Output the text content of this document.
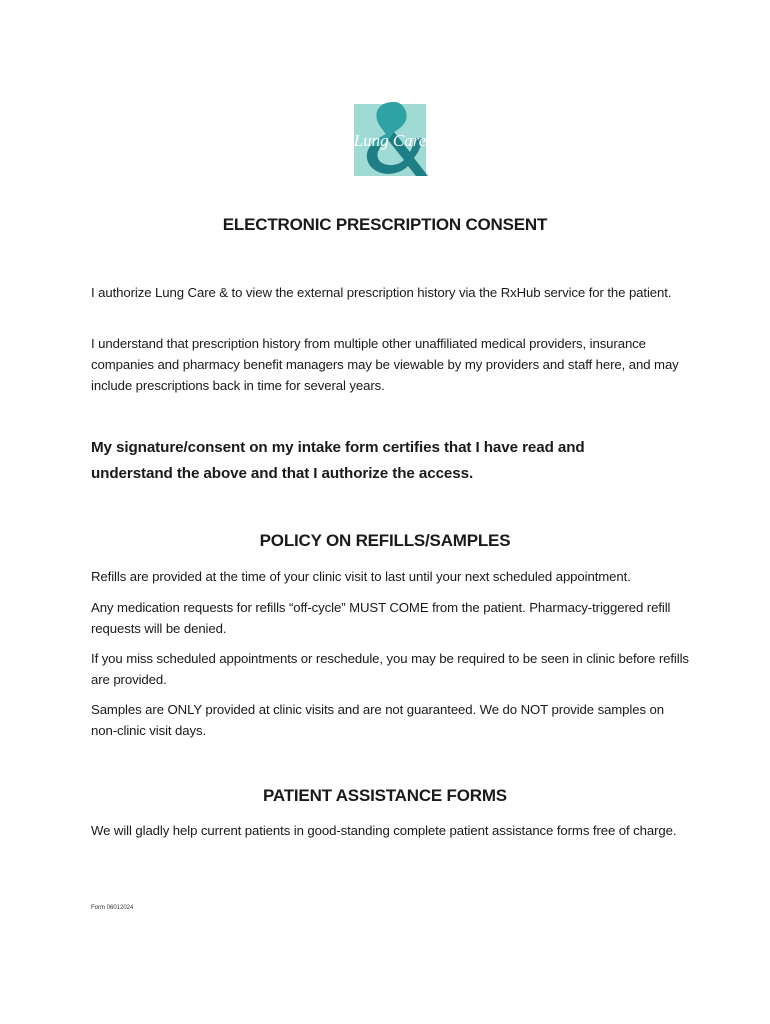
Lung Care
ELECTRONIC PRESCRIPTION CONSENT

I authorize Lung Care & to view the external prescription history via the RxHub service for the patient.

I understand that prescription history from multiple other unaffiliated medical providers, insurance companies and pharmacy benefit managers may be viewable by my providers and staff here, and may include prescriptions back in time for several years.

My signature/consent on my intake form certifies that I have read and understand the above and that I authorize the access.

POLICY ON REFILLS/SAMPLES

Refills are provided at the time of your clinic visit to last until your next scheduled appointment.

Any medication requests for refills “off-cycle” MUST COME from the patient. Pharmacy-triggered refill requests will be denied.

If you miss scheduled appointments or reschedule, you may be required to be seen in clinic before refills are provided.

Samples are ONLY provided at clinic visits and are not guaranteed. We do NOT provide samples on non-clinic visit days.

PATIENT ASSISTANCE FORMS

We will gladly help current patients in good-standing complete patient assistance forms free of charge.

Form 06012024
